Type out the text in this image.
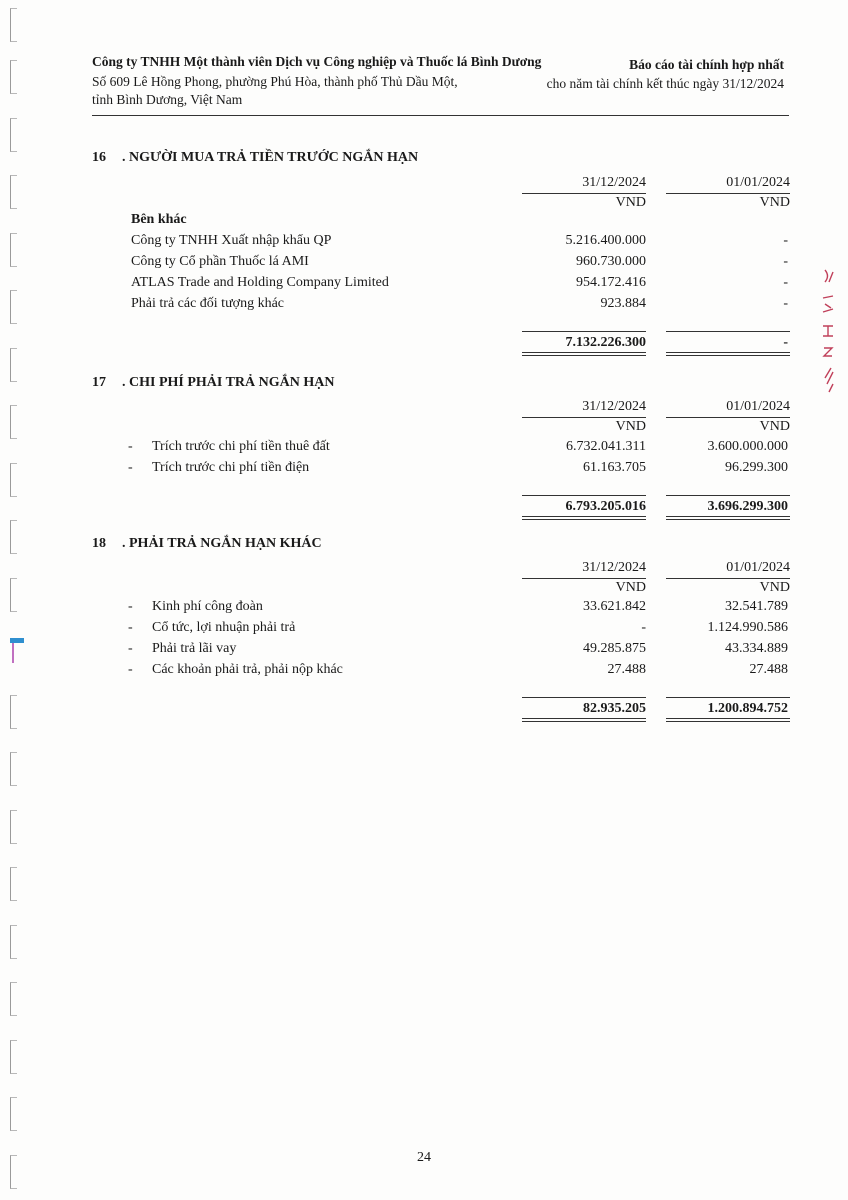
Công ty TNHH Một thành viên Dịch vụ Công nghiệp và Thuốc lá Bình Dương
Số 609 Lê Hồng Phong, phường Phú Hòa, thành phố Thủ Dầu Một,
tỉnh Bình Dương, Việt Nam
Báo cáo tài chính hợp nhất
cho năm tài chính kết thúc ngày 31/12/2024
16 . NGƯỜI MUA TRẢ TIỀN TRƯỚC NGẮN HẠN
31/12/2024	01/01/2024
VND	VND
Bên khác
Công ty TNHH Xuất nhập khẩu QP	5.216.400.000	-
Công ty Cổ phần Thuốc lá AMI	960.730.000	-
ATLAS Trade and Holding Company Limited	954.172.416	-
Phải trả các đối tượng khác	923.884	-
7.132.226.300	-
17 . CHI PHÍ PHẢI TRẢ NGẮN HẠN
31/12/2024	01/01/2024
VND	VND
- Trích trước chi phí tiền thuê đất	6.732.041.311	3.600.000.000
- Trích trước chi phí tiền điện	61.163.705	96.299.300
6.793.205.016	3.696.299.300
18 . PHẢI TRẢ NGẮN HẠN KHÁC
31/12/2024	01/01/2024
VND	VND
- Kinh phí công đoàn	33.621.842	32.541.789
- Cổ tức, lợi nhuận phải trả	-	1.124.990.586
- Phải trả lãi vay	49.285.875	43.334.889
- Các khoản phải trả, phải nộp khác	27.488	27.488
82.935.205	1.200.894.752
24
